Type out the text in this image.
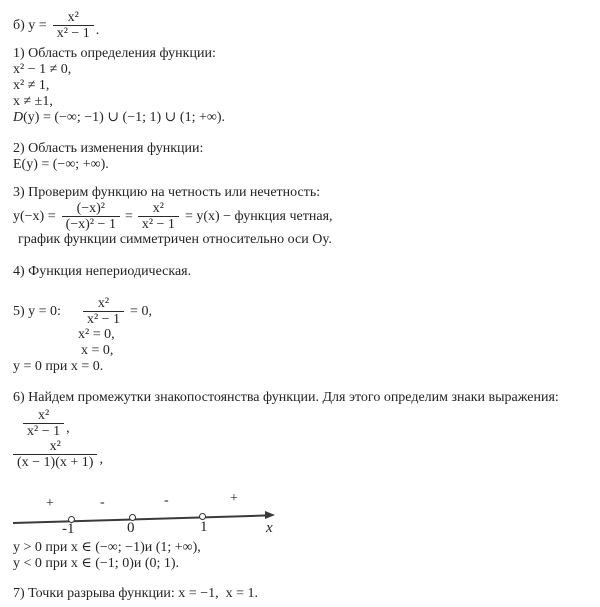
б) $y = \frac{\text{x²}}{\text{x² − 1}}$ .
1) Область определения функции:
x² − 1 ≠ 0,
x² ≠ 1,
x ≠ ±1,
D(y) = (−∞; −1) ∪ (−1; 1) ∪ (1; +∞).
2) Область изменения функции:
E(y) = (−∞; +∞).
3) Проверим функцию на четность или нечетность:
$y(-x) = \frac{\text{(−x)²}}{\text{(−x)² − 1}} = \frac{\text{x²}}{\text{x² − 1}} = y(x)$ − функция четная,
график функции симметричен относительно оси Oy.
4) Функция непериодическая.
5) y = 0: $\frac{\text{x²}}{\text{x² − 1}} = 0$,
x² = 0,
x = 0,
y = 0 при x = 0.
6) Найдем промежутки знакопостоянства функции. Для этого определим знаки выражения:
$\frac{\text{x²}}{\text{x² − 1}}$ ,
$\frac{\text{x²}}{(x - 1)(x + 1)}$ ,
+	-	-	+
-1	0	1	x
y > 0 при x ∈ (−∞; −1)и (1; +∞),
y < 0 при x ∈ (−1; 0)и (0; 1).
7) Точки разрыва функции: x = −1,  x = 1.
